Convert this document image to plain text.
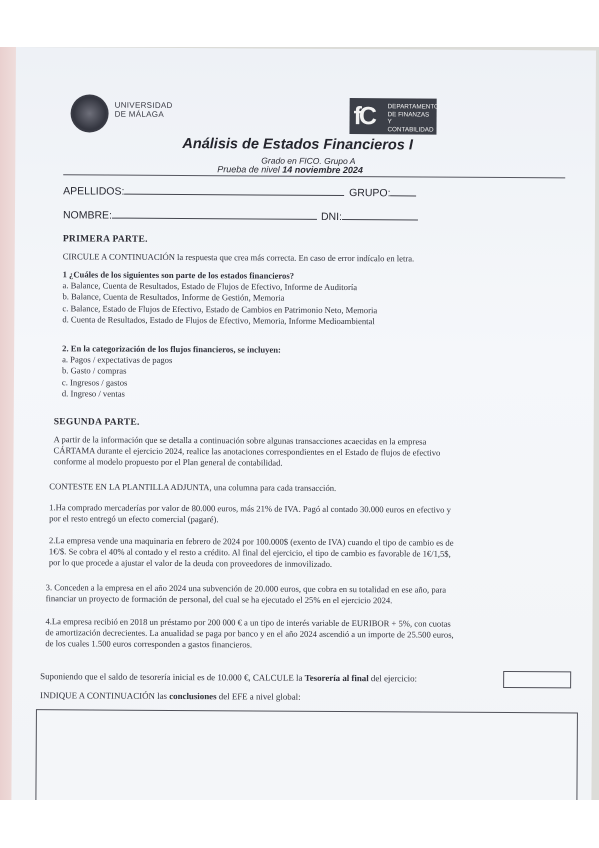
UNIVERSIDAD
DE MÁLAGA	fC DEPARTAMENTO
DE FINANZAS
Y CONTABILIDAD
Análisis de Estados Financieros I
Grado en FICO. Grupo A
Prueba de nivel 14 noviembre 2024
APELLIDOS:	GRUPO:
NOMBRE:	DNI:
PRIMERA PARTE.
CIRCULE A CONTINUACIÓN la respuesta que crea más correcta. En caso de error indícalo en letra.
1 ¿Cuáles de los siguientes son parte de los estados financieros?
a. Balance, Cuenta de Resultados, Estado de Flujos de Efectivo, Informe de Auditoría
b. Balance, Cuenta de Resultados, Informe de Gestión, Memoria
c. Balance, Estado de Flujos de Efectivo, Estado de Cambios en Patrimonio Neto, Memoria
d. Cuenta de Resultados, Estado de Flujos de Efectivo, Memoria, Informe Medioambiental
2. En la categorización de los flujos financieros, se incluyen:
a. Pagos / expectativas de pagos
b. Gasto / compras
c. Ingresos / gastos
d. Ingreso / ventas
SEGUNDA PARTE.
A partir de la información que se detalla a continuación sobre algunas transacciones acaecidas en la empresa
CÁRTAMA durante el ejercicio 2024, realice las anotaciones correspondientes en el Estado de flujos de efectivo
conforme al modelo propuesto por el Plan general de contabilidad.
CONTESTE EN LA PLANTILLA ADJUNTA, una columna para cada transacción.
1.Ha comprado mercaderías por valor de 80.000 euros, más 21% de IVA. Pagó al contado 30.000 euros en efectivo y
por el resto entregó un efecto comercial (pagaré).
2.La empresa vende una maquinaria en febrero de 2024 por 100.000$ (exento de IVA) cuando el tipo de cambio es de
1€/$. Se cobra el 40% al contado y el resto a crédito. Al final del ejercicio, el tipo de cambio es favorable de 1€/1,5$,
por lo que procede a ajustar el valor de la deuda con proveedores de inmovilizado.
3. Conceden a la empresa en el año 2024 una subvención de 20.000 euros, que cobra en su totalidad en ese año, para
financiar un proyecto de formación de personal, del cual se ha ejecutado el 25% en el ejercicio 2024.
4.La empresa recibió en 2018 un préstamo por 200 000 € a un tipo de interés variable de EURIBOR + 5%, con cuotas
de amortización decrecientes. La anualidad se paga por banco y en el año 2024 ascendió a un importe de 25.500 euros,
de los cuales 1.500 euros corresponden a gastos financieros.
Suponiendo que el saldo de tesorería inicial es de 10.000 €, CALCULE la Tesorería al final del ejercicio:
INDIQUE A CONTINUACIÓN las conclusiones del EFE a nivel global:
